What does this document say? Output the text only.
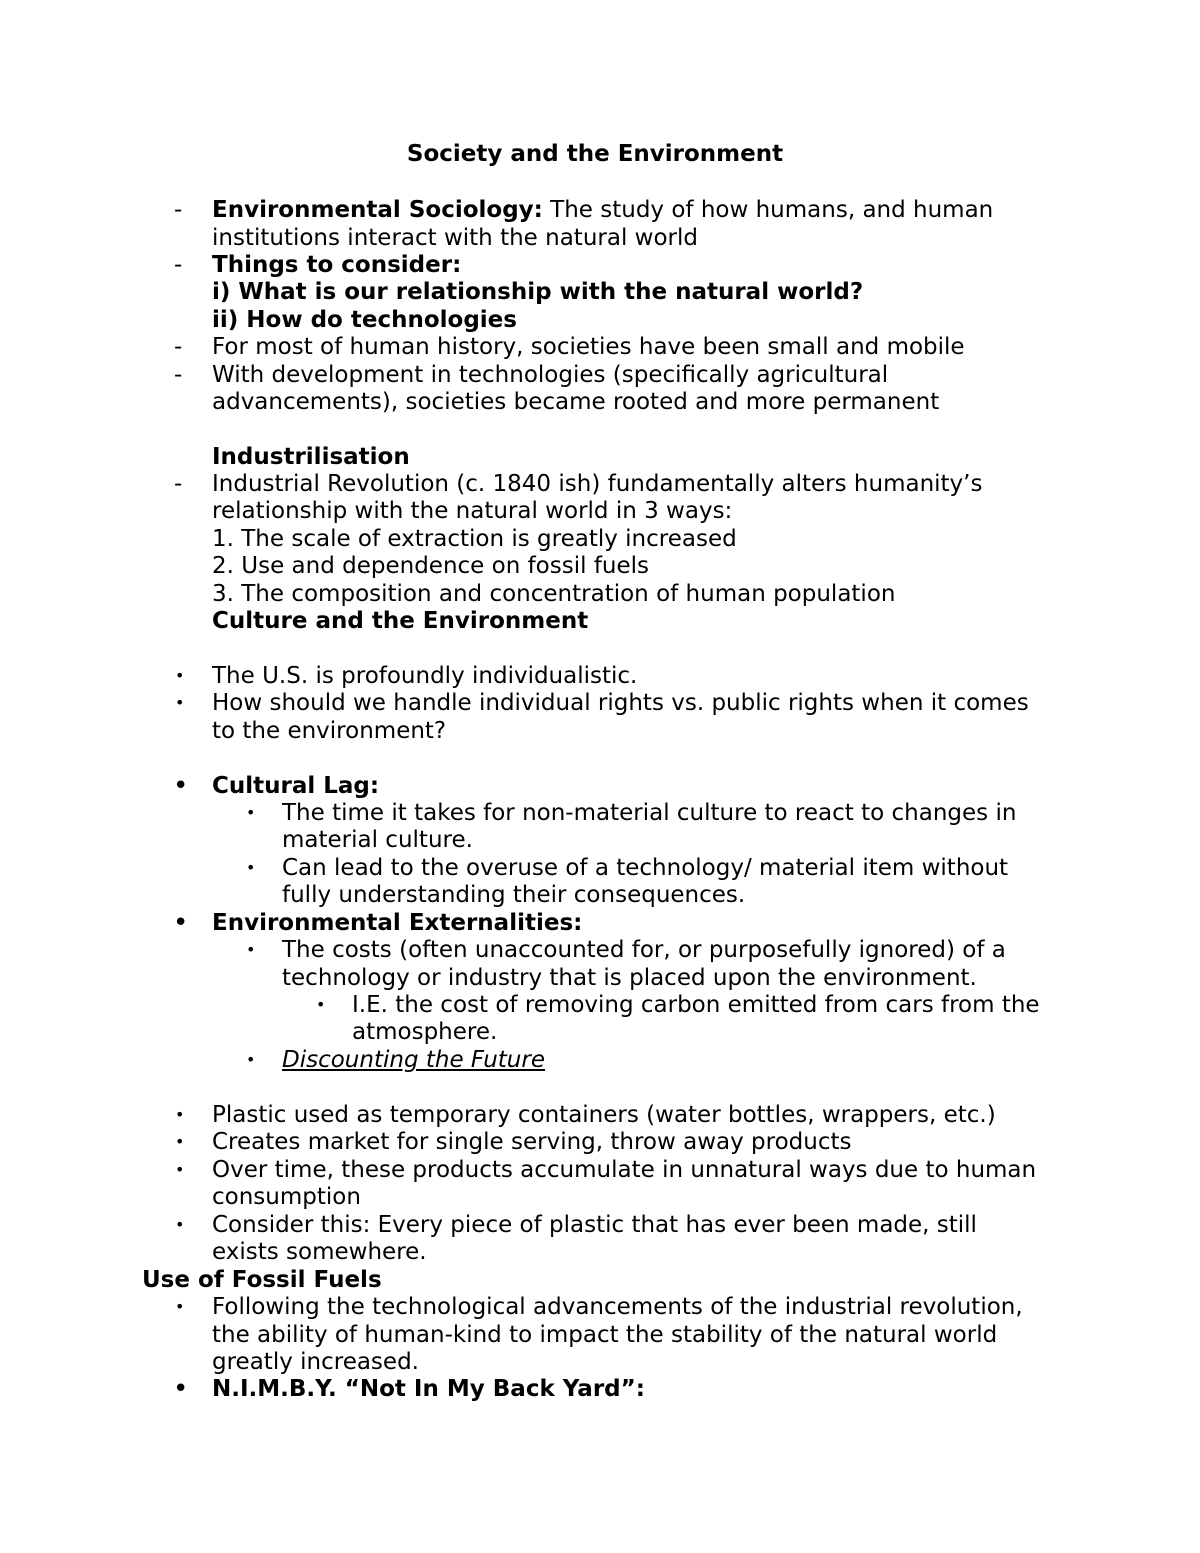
Society and the Environment
- Environmental Sociology: The study of how humans, and human
institutions interact with the natural world
- Things to consider:
i) What is our relationship with the natural world?
ii) How do technologies
- For most of human history, societies have been small and mobile
- With development in technologies (specifically agricultural
advancements), societies became rooted and more permanent
Industrilisation
- Industrial Revolution (c. 1840 ish) fundamentally alters humanity’s
relationship with the natural world in 3 ways:
1. The scale of extraction is greatly increased
2. Use and dependence on fossil fuels
3. The composition and concentration of human population
Culture and the Environment
• The U.S. is profoundly individualistic.
• How should we handle individual rights vs. public rights when it comes
to the environment?
• Cultural Lag:
• The time it takes for non-material culture to react to changes in
material culture.
• Can lead to the overuse of a technology/ material item without
fully understanding their consequences.
• Environmental Externalities:
• The costs (often unaccounted for, or purposefully ignored) of a
technology or industry that is placed upon the environment.
• I.E. the cost of removing carbon emitted from cars from the
atmosphere.
• Discounting the Future
• Plastic used as temporary containers (water bottles, wrappers, etc.)
• Creates market for single serving, throw away products
• Over time, these products accumulate in unnatural ways due to human
consumption
• Consider this: Every piece of plastic that has ever been made, still
exists somewhere.
Use of Fossil Fuels
• Following the technological advancements of the industrial revolution,
the ability of human-kind to impact the stability of the natural world
greatly increased.
• N.I.M.B.Y. “Not In My Back Yard”:
